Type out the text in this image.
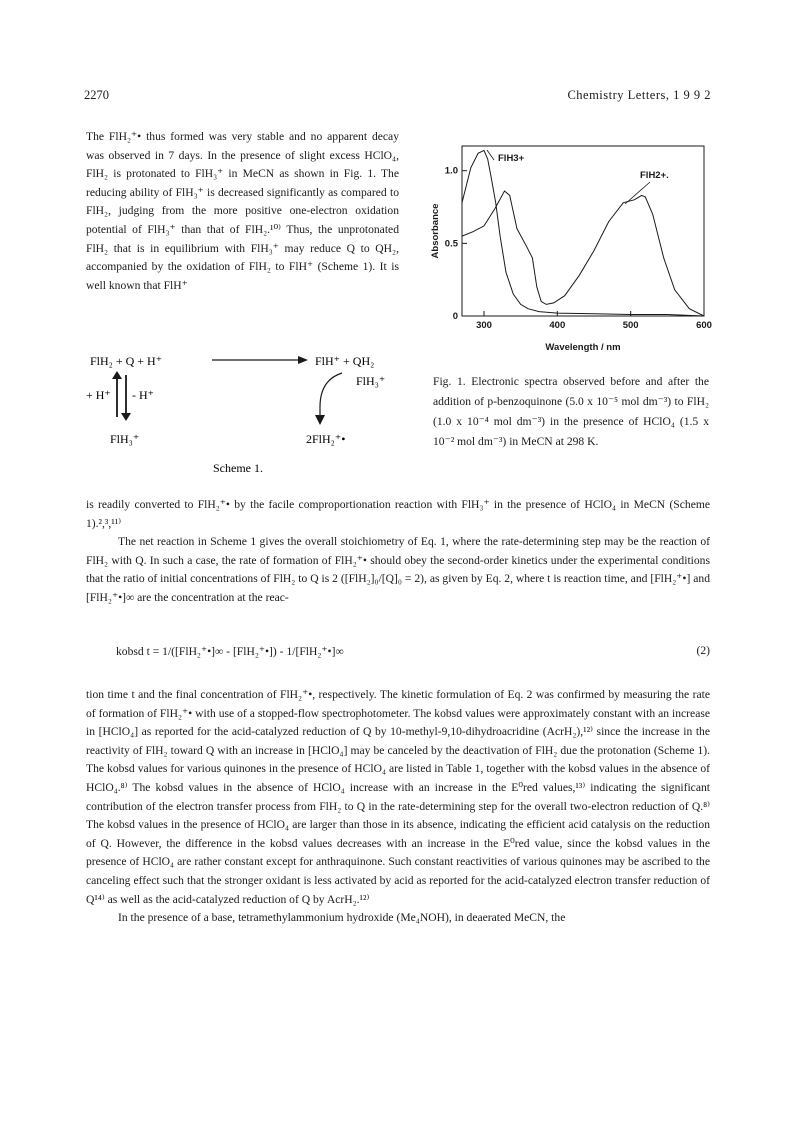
2270	Chemistry Letters, 1 9 9 2

The FlH₂⁺• thus formed was very stable and no apparent decay was observed in 7 days. In the presence of slight excess HClO₄, FlH₂ is protonated to FlH₃⁺ in MeCN as shown in Fig. 1. The reducing ability of FlH₃⁺ is decreased significantly as compared to FlH₂, judging from the more positive one-electron oxidation potential of FlH₃⁺ than that of FlH₂.¹⁰⁾ Thus, the unprotonated FlH₂ that is in equilibrium with FlH₃⁺ may reduce Q to QH₂, accompanied by the oxidation of FlH₂ to FlH⁺ (Scheme 1). It is well known that FlH⁺

FlH₂ + Q + H⁺	FlH⁺ + QH₂
+ H⁺ - H⁺
FlH₃⁺
FlH₃⁺
2FlH₂⁺•
Scheme 1.
0
0.5
1.0
300	400	500	600
FlH3+
FlH2+.
Wavelength / nm
Absorbance
Fig. 1. Electronic spectra observed before and after the addition of p-benzoquinone (5.0 x 10⁻⁵ mol dm⁻³) to FlH₂ (1.0 x 10⁻⁴ mol dm⁻³) in the presence of HClO₄ (1.5 x 10⁻² mol dm⁻³) in MeCN at 298 K.

is readily converted to FlH₂⁺• by the facile comproportionation reaction with FlH₃⁺ in the presence of HClO₄ in MeCN (Scheme 1).²,³,¹¹⁾

The net reaction in Scheme 1 gives the overall stoichiometry of Eq. 1, where the rate-determining step may be the reaction of FlH₂ with Q. In such a case, the rate of formation of FlH₂⁺• should obey the second-order kinetics under the experimental conditions that the ratio of initial concentrations of FlH₂ to Q is 2 ([FlH₂]₀/[Q]₀ = 2), as given by Eq. 2, where t is reaction time, and [FlH₂⁺•] and [FlH₂⁺•]∞ are the concentration at the reac-

kobsd t = 1/([FlH₂⁺•]∞ - [FlH₂⁺•]) - 1/[FlH₂⁺•]∞	(2)

tion time t and the final concentration of FlH₂⁺•, respectively. The kinetic formulation of Eq. 2 was confirmed by measuring the rate of formation of FlH₂⁺• with use of a stopped-flow spectrophotometer. The kobsd values were approximately constant with an increase in [HClO₄] as reported for the acid-catalyzed reduction of Q by 10-methyl-9,10-dihydroacridine (AcrH₂),¹²⁾ since the increase in the reactivity of FlH₂ toward Q with an increase in [HClO₄] may be canceled by the deactivation of FlH₂ due the protonation (Scheme 1). The kobsd values for various quinones in the presence of HClO₄ are listed in Table 1, together with the kobsd values in the absence of HClO₄.⁸⁾ The kobsd values in the absence of HClO₄ increase with an increase in the E⁰red values,¹³⁾ indicating the significant contribution of the electron transfer process from FlH₂ to Q in the rate-determining step for the overall two-electron reduction of Q.⁸⁾ The kobsd values in the presence of HClO₄ are larger than those in its absence, indicating the efficient acid catalysis on the reduction of Q. However, the difference in the kobsd values decreases with an increase in the E⁰red value, since the kobsd values in the presence of HClO₄ are rather constant except for anthraquinone. Such constant reactivities of various quinones may be ascribed to the canceling effect such that the stronger oxidant is less activated by acid as reported for the acid-catalyzed electron transfer reduction of Q¹⁴⁾ as well as the acid-catalyzed reduction of Q by AcrH₂.¹²⁾

In the presence of a base, tetramethylammonium hydroxide (Me₄NOH), in deaerated MeCN, the
